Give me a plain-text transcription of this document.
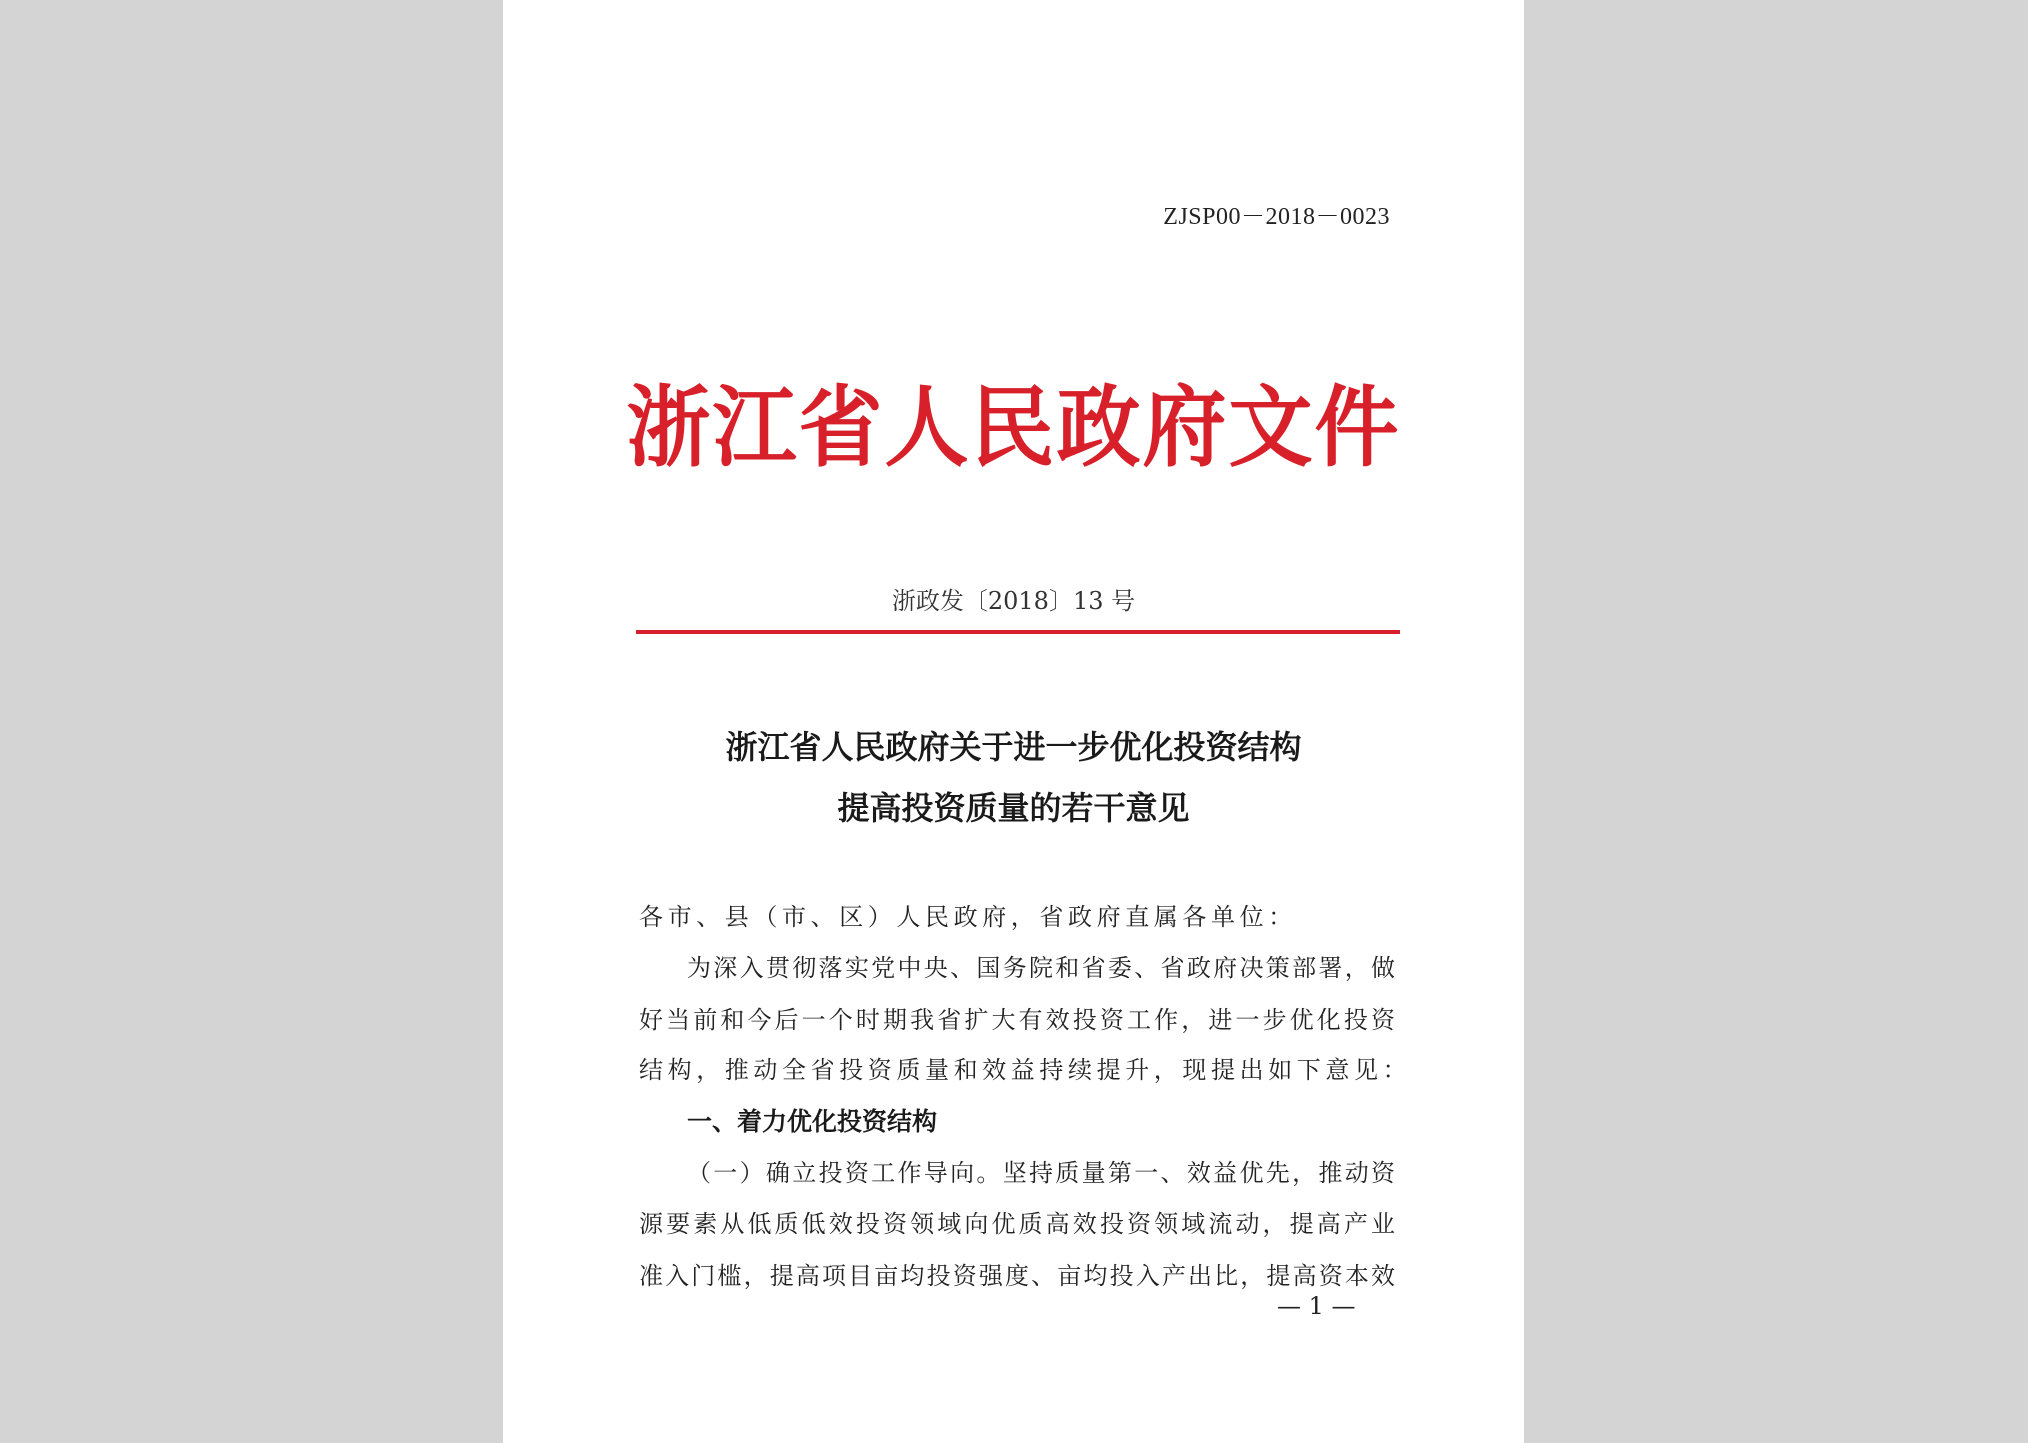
ZJSP00－2018－0023
浙江省人民政府文件
浙政发〔2018〕13 号
浙江省人民政府关于进一步优化投资结构
提高投资质量的若干意见
各市、县（市、区）人民政府，省政府直属各单位：
为深入贯彻落实党中央、国务院和省委、省政府决策部署，做
好当前和今后一个时期我省扩大有效投资工作，进一步优化投资
结构，推动全省投资质量和效益持续提升，现提出如下意见：
一、着力优化投资结构
（一）确立投资工作导向。坚持质量第一、效益优先，推动资
源要素从低质低效投资领域向优质高效投资领域流动，提高产业
准入门槛，提高项目亩均投资强度、亩均投入产出比，提高资本效
— 1 —
